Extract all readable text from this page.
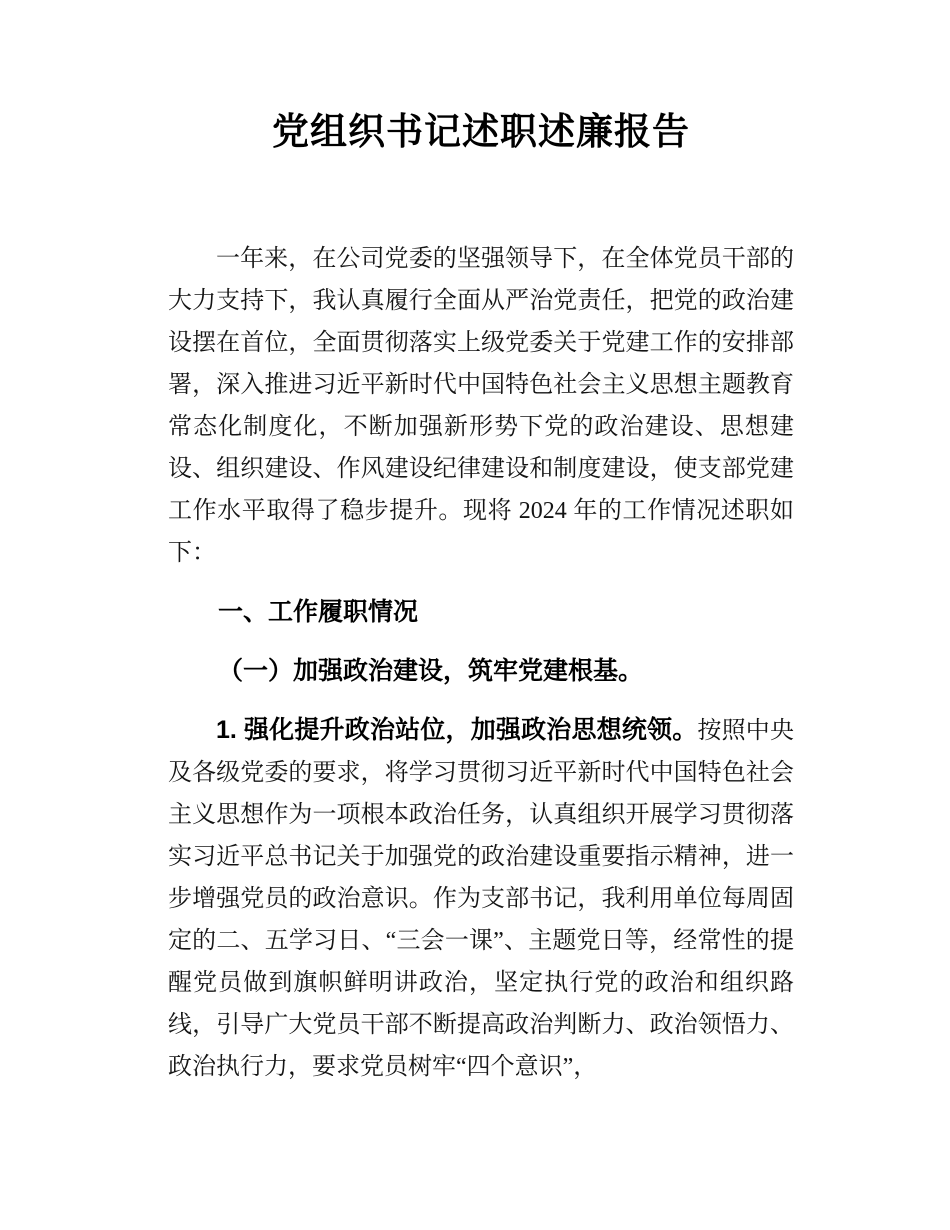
党组织书记述职述廉报告

一年来，在公司党委的坚强领导下，在全体党员干部的大力支持下，我认真履行全面从严治党责任，把党的政治建设摆在首位，全面贯彻落实上级党委关于党建工作的安排部署，深入推进习近平新时代中国特色社会主义思想主题教育常态化制度化，不断加强新形势下党的政治建设、思想建设、组织建设、作风建设纪律建设和制度建设，使支部党建工作水平取得了稳步提升。现将 2024 年的工作情况述职如下：

一、工作履职情况
（一）加强政治建设，筑牢党建根基。

1. 强化提升政治站位，加强政治思想统领。按照中央及各级党委的要求，将学习贯彻习近平新时代中国特色社会主义思想作为一项根本政治任务，认真组织开展学习贯彻落实习近平总书记关于加强党的政治建设重要指示精神，进一步增强党员的政治意识。作为支部书记，我利用单位每周固定的二、五学习日、“三会一课”、主题党日等，经常性的提醒党员做到旗帜鲜明讲政治，坚定执行党的政治和组织路线，引导广大党员干部不断提高政治判断力、政治领悟力、政治执行力，要求党员树牢“四个意识”，
